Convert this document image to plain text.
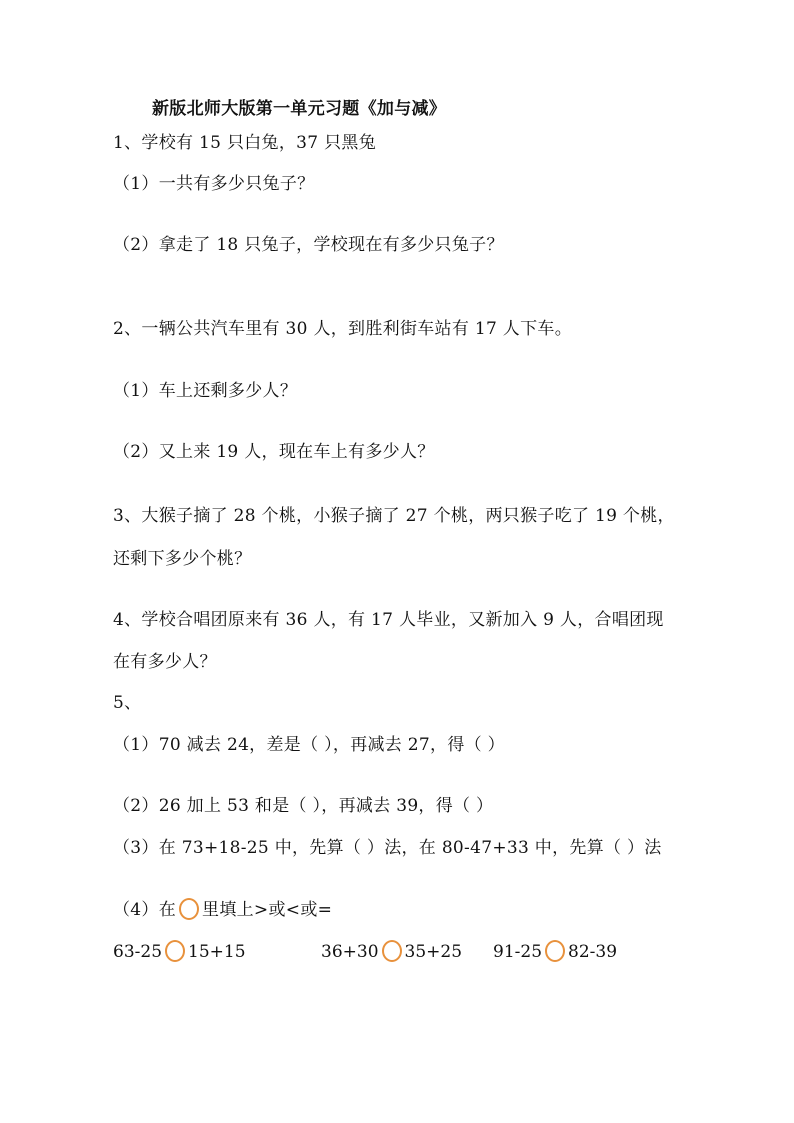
新版北师大版第一单元习题《加与减》
1、学校有 15 只白兔，37 只黑兔
（1）一共有多少只兔子？
（2）拿走了 18 只兔子，学校现在有多少只兔子？
2、一辆公共汽车里有 30 人，到胜利街车站有 17 人下车。
（1）车上还剩多少人？
（2）又上来 19 人，现在车上有多少人？
3、大猴子摘了 28 个桃，小猴子摘了 27 个桃，两只猴子吃了 19 个桃，
还剩下多少个桃？
4、学校合唱团原来有 36 人，有 17 人毕业，又新加入 9 人，合唱团现
在有多少人？
5、
（1）70 减去 24，差是（ ），再减去 27，得（ ）
（2）26 加上 53 和是（ ），再减去 39，得（ ）
（3）在 73+18-25 中，先算（ ）法，在 80-47+33 中，先算（ ）法
（4）在 里填上>或<或=
63-25 15+15	36+30 35+25 91-25 82-39
